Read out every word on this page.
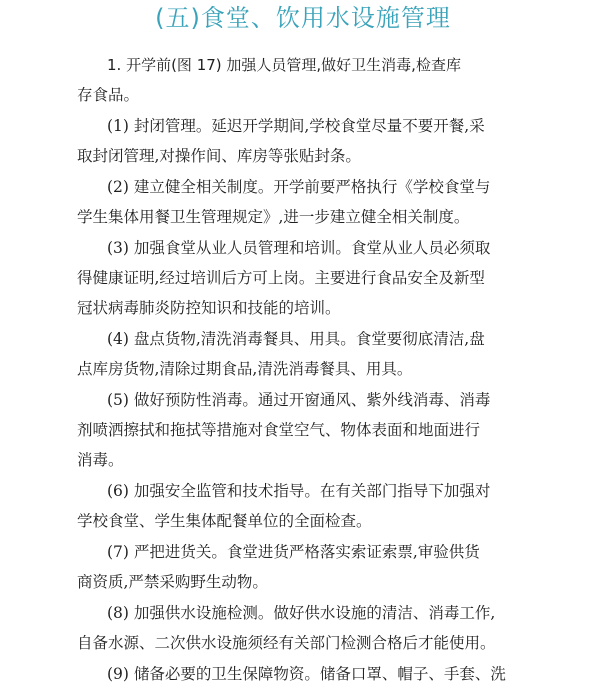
(五)食堂、饮用水设施管理
1. 开学前(图 17) 加强人员管理,做好卫生消毒,检查库
存食品。
(1) 封闭管理。延迟开学期间,学校食堂尽量不要开餐,采
取封闭管理,对操作间、库房等张贴封条。
(2) 建立健全相关制度。开学前要严格执行《学校食堂与
学生集体用餐卫生管理规定》,进一步建立健全相关制度。
(3) 加强食堂从业人员管理和培训。食堂从业人员必须取
得健康证明,经过培训后方可上岗。主要进行食品安全及新型
冠状病毒肺炎防控知识和技能的培训。
(4) 盘点货物,清洗消毒餐具、用具。食堂要彻底清洁,盘
点库房货物,清除过期食品,清洗消毒餐具、用具。
(5) 做好预防性消毒。通过开窗通风、紫外线消毒、消毒
剂喷洒擦拭和拖拭等措施对食堂空气、物体表面和地面进行
消毒。
(6) 加强安全监管和技术指导。在有关部门指导下加强对
学校食堂、学生集体配餐单位的全面检查。
(7) 严把进货关。食堂进货严格落实索证索票,审验供货
商资质,严禁采购野生动物。
(8) 加强供水设施检测。做好供水设施的清洁、消毒工作,
自备水源、二次供水设施须经有关部门检测合格后才能使用。
(9) 储备必要的卫生保障物资。储备口罩、帽子、手套、洗
